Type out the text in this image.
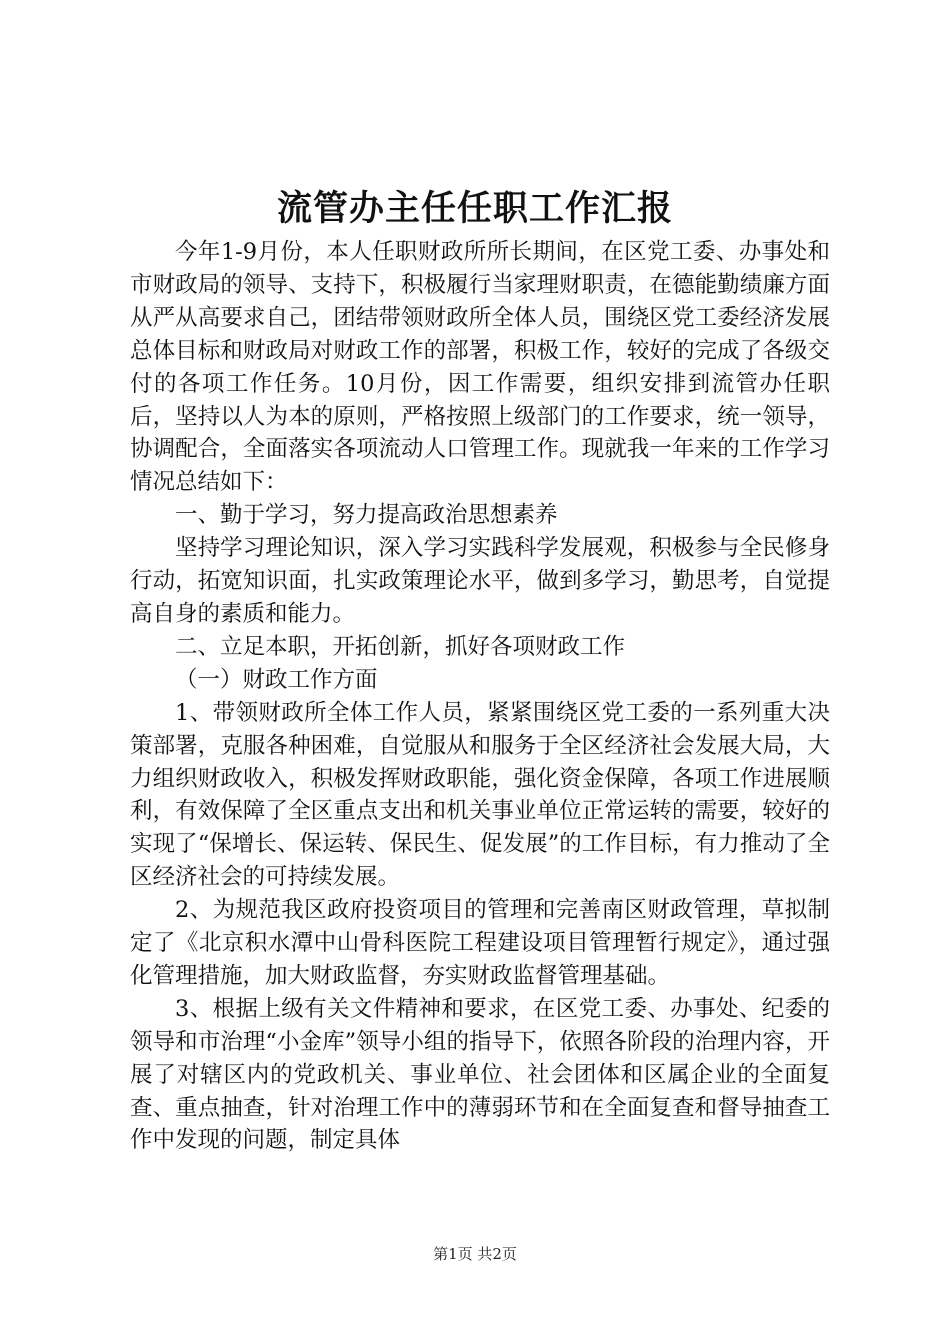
流管办主任任职工作汇报

今年1-9月份，本人任职财政所所长期间，在区党工委、办事处和市财政局的领导、支持下，积极履行当家理财职责，在德能勤绩廉方面从严从高要求自己，团结带领财政所全体人员，围绕区党工委经济发展总体目标和财政局对财政工作的部署，积极工作，较好的完成了各级交付的各项工作任务。10月份，因工作需要，组织安排到流管办任职后，坚持以人为本的原则，严格按照上级部门的工作要求，统一领导，协调配合，全面落实各项流动人口管理工作。现就我一年来的工作学习情况总结如下：

一、勤于学习，努力提高政治思想素养

坚持学习理论知识，深入学习实践科学发展观，积极参与全民修身行动，拓宽知识面，扎实政策理论水平，做到多学习，勤思考，自觉提高自身的素质和能力。

二、立足本职，开拓创新，抓好各项财政工作

（一）财政工作方面

1、带领财政所全体工作人员，紧紧围绕区党工委的一系列重大决策部署，克服各种困难，自觉服从和服务于全区经济社会发展大局，大力组织财政收入，积极发挥财政职能，强化资金保障，各项工作进展顺利，有效保障了全区重点支出和机关事业单位正常运转的需要，较好的实现了“保增长、保运转、保民生、促发展”的工作目标，有力推动了全区经济社会的可持续发展。

2、为规范我区政府投资项目的管理和完善南区财政管理，草拟制定了《北京积水潭中山骨科医院工程建设项目管理暂行规定》，通过强化管理措施，加大财政监督，夯实财政监督管理基础。

3、根据上级有关文件精神和要求，在区党工委、办事处、纪委的领导和市治理“小金库”领导小组的指导下，依照各阶段的治理内容，开展了对辖区内的党政机关、事业单位、社会团体和区属企业的全面复查、重点抽查，针对治理工作中的薄弱环节和在全面复查和督导抽查工作中发现的问题，制定具体

第1页 共2页
